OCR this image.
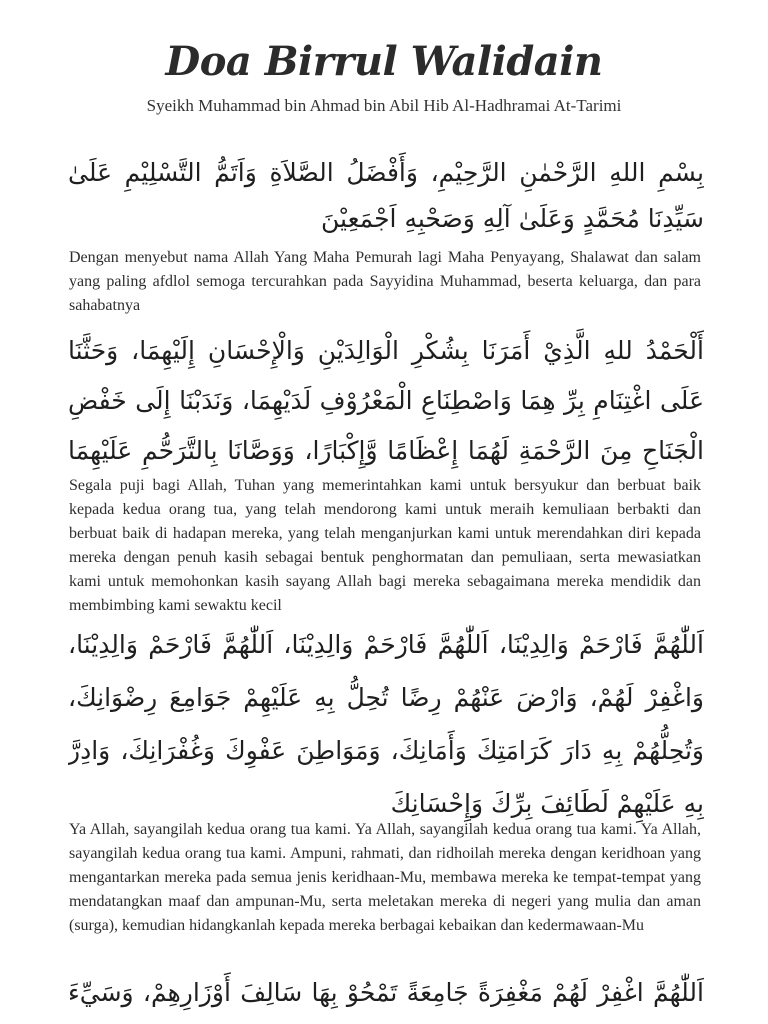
Doa Birrul Walidain
Syeikh Muhammad bin Ahmad bin Abil Hib Al-Hadhramai At-Tarimi
بِسْمِ اللهِ الرَّحْمٰنِ الرَّحِيْمِ، وَأَفْضَلُ الصَّلاَةِ وَاَتَمُّ التَّسْلِيْمِ عَلَىٰ سَيِّدِنَا مُحَمَّدٍ وَعَلَىٰ آلِهِ وَصَحْبِهِ اَجْمَعِيْنَ
Dengan menyebut nama Allah Yang Maha Pemurah lagi Maha Penyayang, Shalawat dan salam yang paling afdlol semoga tercurahkan pada Sayyidina Muhammad, beserta keluarga, dan para sahabatnya
أَلْحَمْدُ للهِ الَّذِيْ أَمَرَنَا بِشُكْرِ الْوَالِدَيْنِ وَالْإِحْسَانِ إِلَيْهِمَا، وَحَثَّنَا عَلَى اغْتِنَامِ بِرِّ هِمَا وَاصْطِنَاعِ الْمَعْرُوْفِ لَدَيْهِمَا، وَنَدَبْنَا إِلَى خَفْضِ الْجَنَاحِ مِنَ الرَّحْمَةِ لَهُمَا إِعْظَامًا وَّإِكْبَارًا، وَوَصَّانَا بِالتَّرَحُّمِ عَلَيْهِمَا
Segala puji bagi Allah, Tuhan yang memerintahkan kami untuk bersyukur dan berbuat baik kepada kedua orang tua, yang telah mendorong kami untuk meraih kemuliaan berbakti dan berbuat baik di hadapan mereka, yang telah menganjurkan kami untuk merendahkan diri kepada mereka dengan penuh kasih sebagai bentuk penghormatan dan pemuliaan, serta mewasiatkan kami untuk memohonkan kasih sayang Allah bagi mereka sebagaimana mereka mendidik dan membimbing kami sewaktu kecil
اَللّٰهُمَّ فَارْحَمْ وَالِدِيْنَا، اَللّٰهُمَّ فَارْحَمْ وَالِدِيْنَا، اَللّٰهُمَّ فَارْحَمْ وَالِدِيْنَا، وَاغْفِرْ لَهُمْ، وَارْضَ عَنْهُمْ رِضًا تُحِلُّ بِهِ عَلَيْهِمْ جَوَامِعَ رِضْوَانِكَ، وَتُحِلُّهُمْ بِهِ دَارَ كَرَامَتِكَ وَأَمَانِكَ، وَمَوَاطِنَ عَفْوِكَ وَغُفْرَانِكَ، وَادِرَّ بِهِ عَلَيْهِمْ لَطَائِفَ بِرِّكَ وَإِحْسَانِكَ
Ya Allah, sayangilah kedua orang tua kami. Ya Allah, sayangilah kedua orang tua kami. Ya Allah, sayangilah kedua orang tua kami. Ampuni, rahmati, dan ridhoilah mereka dengan keridhoan yang mengantarkan mereka pada semua jenis keridhaan-Mu, membawa mereka ke tempat-tempat yang mendatangkan maaf dan ampunan-Mu, serta meletakan mereka di negeri yang mulia dan aman (surga), kemudian hidangkanlah kepada mereka berbagai kebaikan dan kedermawaan-Mu
اَللّٰهُمَّ اغْفِرْ لَهُمْ مَغْفِرَةً جَامِعَةً تَمْحُوْ بِهَا سَالِفَ أَوْزَارِهِمْ، وَسَيِّءَ
